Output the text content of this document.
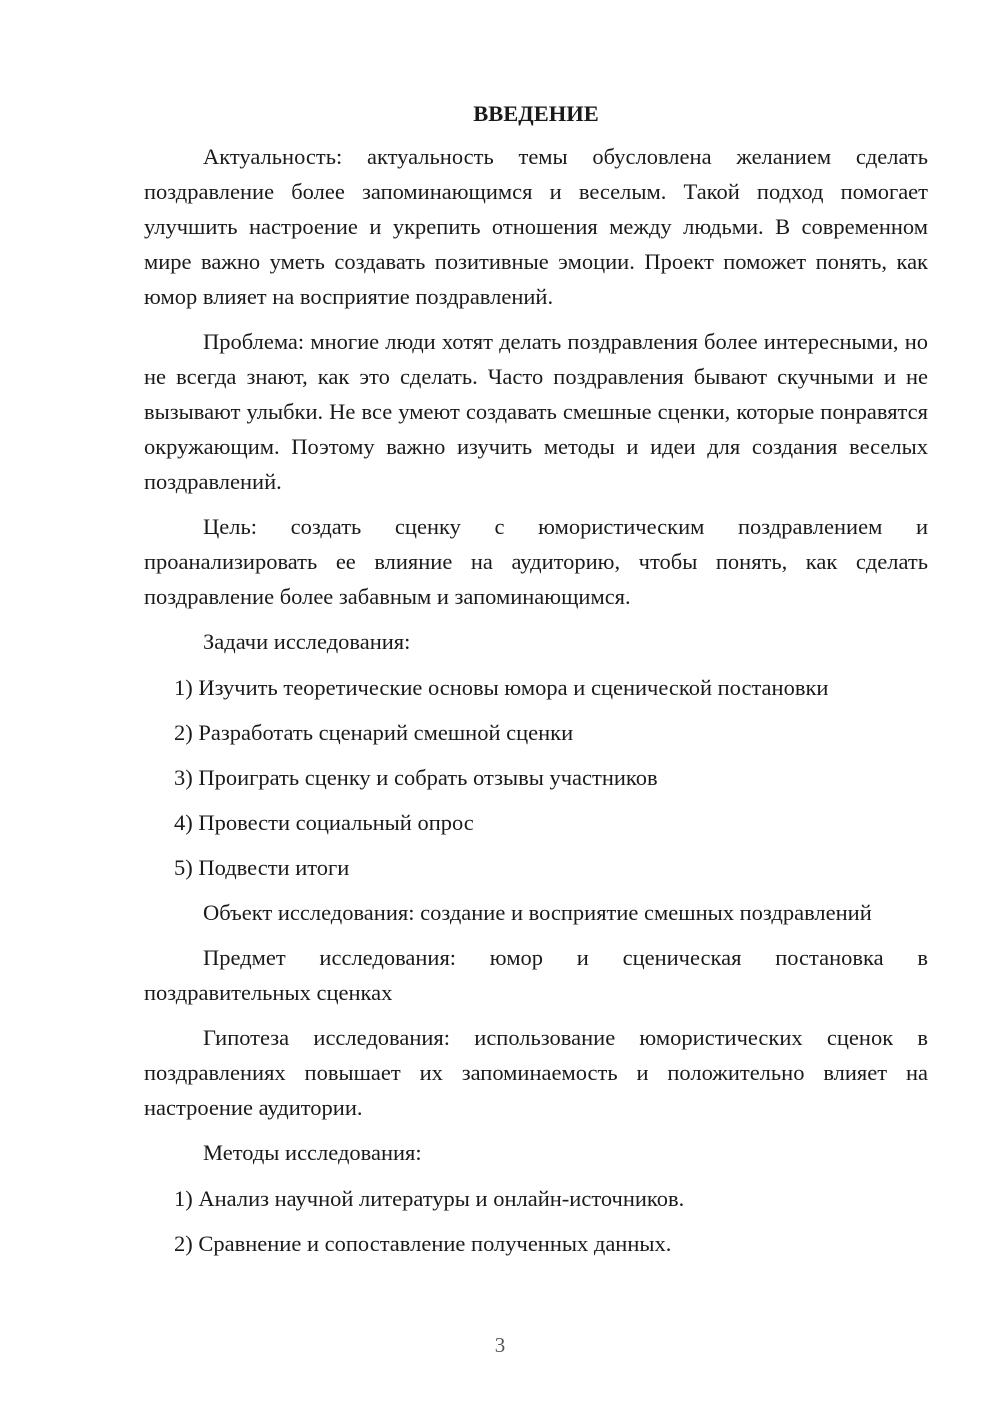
ВВЕДЕНИЕ

Актуальность: актуальность темы обусловлена желанием сделать поздравление более запоминающимся и веселым. Такой подход помогает улучшить настроение и укрепить отношения между людьми. В современном мире важно уметь создавать позитивные эмоции. Проект поможет понять, как юмор влияет на восприятие поздравлений.

Проблема: многие люди хотят делать поздравления более интересными, но не всегда знают, как это сделать. Часто поздравления бывают скучными и не вызывают улыбки. Не все умеют создавать смешные сценки, которые понравятся окружающим. Поэтому важно изучить методы и идеи для создания веселых поздравлений.

Цель: создать сценку с юмористическим поздравлением и проанализировать ее влияние на аудиторию, чтобы понять, как сделать поздравление более забавным и запоминающимся.

Задачи исследования:

1) Изучить теоретические основы юмора и сценической постановки
2) Разработать сценарий смешной сценки
3) Проиграть сценку и собрать отзывы участников
4) Провести социальный опрос
5) Подвести итоги

Объект исследования: создание и восприятие смешных поздравлений

Предмет исследования: юмор и сценическая постановка в поздравительных сценках

Гипотеза исследования: использование юмористических сценок в поздравлениях повышает их запоминаемость и положительно влияет на настроение аудитории.

Методы исследования:

1) Анализ научной литературы и онлайн-источников.
2) Сравнение и сопоставление полученных данных.
3
